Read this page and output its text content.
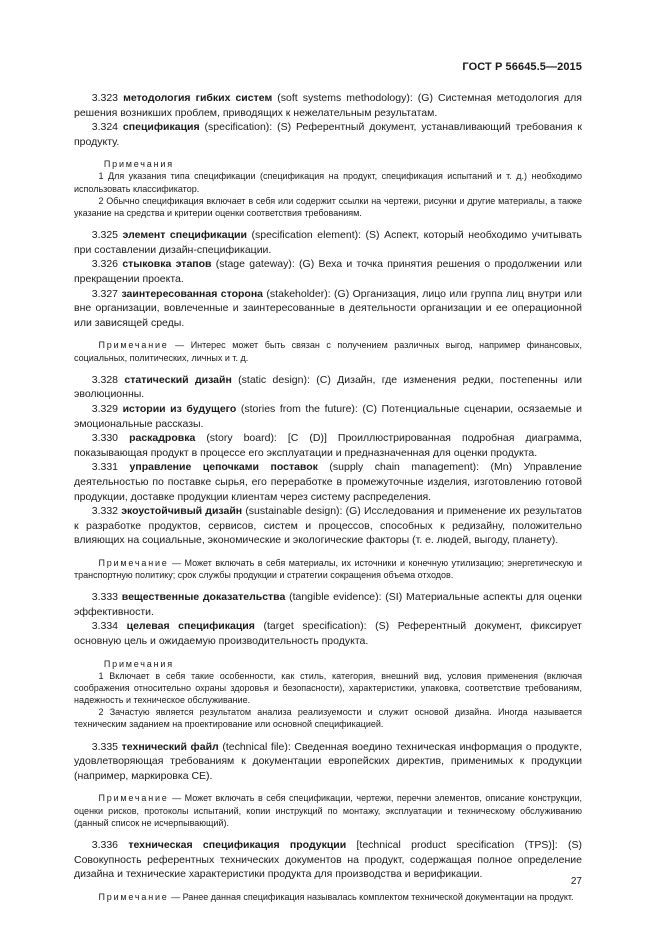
ГОСТ Р 56645.5—2015

  3.323 методология гибких систем (soft systems methodology): (G) Системная методология для решения возникших проблем, приводящих к нежелательным результатам.

  3.324 спецификация (specification): (S) Референтный документ, устанавливающий требования к продукту.

   Примечания

   1 Для указания типа спецификации (спецификация на продукт, спецификация испытаний и т. д.) необходимо использовать классификатор.

   2 Обычно спецификация включает в себя или содержит ссылки на чертежи, рисунки и другие материалы, а также указание на средства и критерии оценки соответствия требованиям.

  3.325 элемент спецификации (specification element): (S) Аспект, который необходимо учитывать при составлении дизайн-спецификации.

  3.326 стыковка этапов (stage gateway): (G) Веха и точка принятия решения о продолжении или прекращении проекта.

  3.327 заинтересованная сторона (stakeholder): (G) Организация, лицо или группа лиц внутри или вне организации, вовлеченные и заинтересованные в деятельности организации и ее операционной или зависящей среды.

   Примечание — Интерес может быть связан с получением различных выгод, например финансовых, социальных, политических, личных и т. д.

  3.328 статический дизайн (static design): (C) Дизайн, где изменения редки, постепенны или эволюционны.

  3.329 истории из будущего (stories from the future): (C) Потенциальные сценарии, осязаемые и эмоциональные рассказы.

  3.330 раскадровка (story board): [C (D)] Проиллюстрированная подробная диаграмма, показывающая продукт в процессе его эксплуатации и предназначенная для оценки продукта.

  3.331 управление цепочками поставок (supply chain management): (Mn) Управление деятельностью по поставке сырья, его переработке в промежуточные изделия, изготовлению готовой продукции, доставке продукции клиентам через систему распределения.

  3.332 экоустойчивый дизайн (sustainable design): (G) Исследования и применение их результатов к разработке продуктов, сервисов, систем и процессов, способных к редизайну, положительно влияющих на социальные, экономические и экологические факторы (т. е. людей, выгоду, планету).

   Примечание — Может включать в себя материалы, их источники и конечную утилизацию; энергетическую и транспортную политику; срок службы продукции и стратегии сокращения объема отходов.

  3.333 вещественные доказательства (tangible evidence): (SI) Материальные аспекты для оценки эффективности.

  3.334 целевая спецификация (target specification): (S) Референтный документ, фиксирует основную цель и ожидаемую производительность продукта.

   Примечания

   1 Включает в себя такие особенности, как стиль, категория, внешний вид, условия применения (включая соображения относительно охраны здоровья и безопасности), характеристики, упаковка, соответствие требованиям, надежность и техническое обслуживание.

   2 Зачастую является результатом анализа реализуемости и служит основой дизайна. Иногда называется техническим заданием на проектирование или основной спецификацией.

  3.335 технический файл (technical file): Сведенная воедино техническая информация о продукте, удовлетворяющая требованиям к документации европейских директив, применимых к продукции (например, маркировка CE).

   Примечание — Может включать в себя спецификации, чертежи, перечни элементов, описание конструкции, оценки рисков, протоколы испытаний, копии инструкций по монтажу, эксплуатации и техническому обслуживанию (данный список не исчерпывающий).

  3.336 техническая спецификация продукции [technical product specification (TPS)]: (S) Совокупность референтных технических документов на продукт, содержащая полное определение дизайна и технические характеристики продукта для производства и верификации.

   Примечание — Ранее данная спецификация называлась комплектом технической документации на продукт.

27
